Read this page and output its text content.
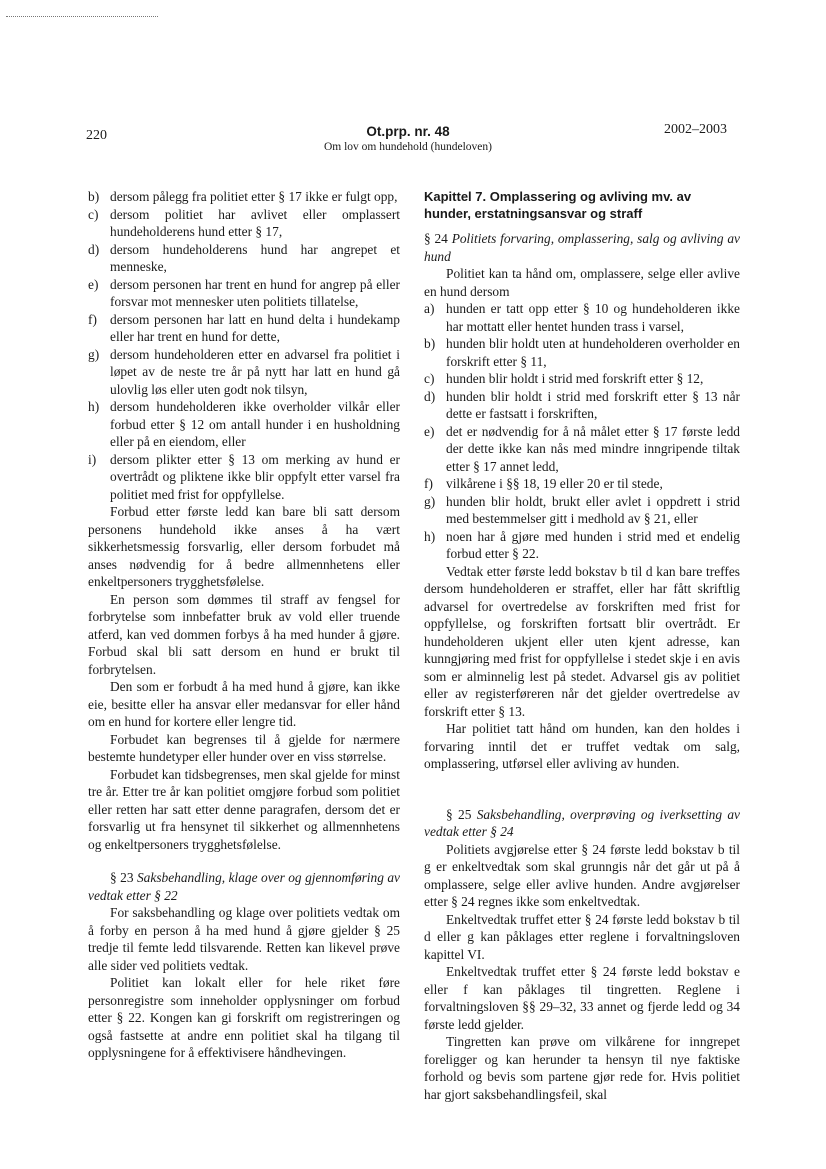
220	Ot.prp. nr. 48
Om lov om hundehold (hundeloven)
2002–2003
b) dersom pålegg fra politiet etter § 17 ikke er fulgt opp,
c) dersom politiet har avlivet eller omplassert hundeholderens hund etter § 17,
d) dersom hundeholderens hund har angrepet et menneske,
e) dersom personen har trent en hund for angrep på eller forsvar mot mennesker uten politiets tillatelse,
f) dersom personen har latt en hund delta i hundekamp eller har trent en hund for dette,
g) dersom hundeholderen etter en advarsel fra politiet i løpet av de neste tre år på nytt har latt en hund gå ulovlig løs eller uten godt nok tilsyn,
h) dersom hundeholderen ikke overholder vilkår eller forbud etter § 12 om antall hunder i en husholdning eller på en eiendom, eller
i) dersom plikter etter § 13 om merking av hund er overtrådt og pliktene ikke blir oppfylt etter varsel fra politiet med frist for oppfyllelse.

Forbud etter første ledd kan bare bli satt dersom personens hundehold ikke anses å ha vært sikkerhetsmessig forsvarlig, eller dersom forbudet må anses nødvendig for å bedre allmennhetens eller enkeltpersoners trygghetsfølelse.

En person som dømmes til straff av fengsel for forbrytelse som innbefatter bruk av vold eller truende atferd, kan ved dommen forbys å ha med hunder å gjøre. Forbud skal bli satt dersom en hund er brukt til forbrytelsen.

Den som er forbudt å ha med hund å gjøre, kan ikke eie, besitte eller ha ansvar eller medansvar for eller hånd om en hund for kortere eller lengre tid.

Forbudet kan begrenses til å gjelde for nærmere bestemte hundetyper eller hunder over en viss størrelse.

Forbudet kan tidsbegrenses, men skal gjelde for minst tre år. Etter tre år kan politiet omgjøre forbud som politiet eller retten har satt etter denne paragrafen, dersom det er forsvarlig ut fra hensynet til sikkerhet og allmennhetens og enkeltpersoners trygghetsfølelse.

§ 23 Saksbehandling, klage over og gjennomføring av vedtak etter § 22

For saksbehandling og klage over politiets vedtak om å forby en person å ha med hund å gjøre gjelder § 25 tredje til femte ledd tilsvarende. Retten kan likevel prøve alle sider ved politiets vedtak.

Politiet kan lokalt eller for hele riket føre personregistre som inneholder opplysninger om forbud etter § 22. Kongen kan gi forskrift om registreringen og også fastsette at andre enn politiet skal ha tilgang til opplysningene for å effektivisere håndhevingen.

Kapittel 7. Omplassering og avliving mv. av hunder, erstatningsansvar og straff

§ 24 Politiets forvaring, omplassering, salg og avliving av hund

Politiet kan ta hånd om, omplassere, selge eller avlive en hund dersom

a) hunden er tatt opp etter § 10 og hundeholderen ikke har mottatt eller hentet hunden trass i varsel,
b) hunden blir holdt uten at hundeholderen overholder en forskrift etter § 11,
c) hunden blir holdt i strid med forskrift etter § 12,
d) hunden blir holdt i strid med forskrift etter § 13 når dette er fastsatt i forskriften,
e) det er nødvendig for å nå målet etter § 17 første ledd der dette ikke kan nås med mindre inngripende tiltak etter § 17 annet ledd,
f) vilkårene i §§ 18, 19 eller 20 er til stede,
g) hunden blir holdt, brukt eller avlet i oppdrett i strid med bestemmelser gitt i medhold av § 21, eller
h) noen har å gjøre med hunden i strid med et endelig forbud etter § 22.

Vedtak etter første ledd bokstav b til d kan bare treffes dersom hundeholderen er straffet, eller har fått skriftlig advarsel for overtredelse av forskriften med frist for oppfyllelse, og forskriften fortsatt blir overtrådt. Er hundeholderen ukjent eller uten kjent adresse, kan kunngjøring med frist for oppfyllelse i stedet skje i en avis som er alminnelig lest på stedet. Advarsel gis av politiet eller av registerføreren når det gjelder overtredelse av forskrift etter § 13.

Har politiet tatt hånd om hunden, kan den holdes i forvaring inntil det er truffet vedtak om salg, omplassering, utførsel eller avliving av hunden.

§ 25 Saksbehandling, overprøving og iverksetting av vedtak etter § 24

Politiets avgjørelse etter § 24 første ledd bokstav b til g er enkeltvedtak som skal grunngis når det går ut på å omplassere, selge eller avlive hunden. Andre avgjørelser etter § 24 regnes ikke som enkeltvedtak.

Enkeltvedtak truffet etter § 24 første ledd bokstav b til d eller g kan påklages etter reglene i forvaltningsloven kapittel VI.

Enkeltvedtak truffet etter § 24 første ledd bokstav e eller f kan påklages til tingretten. Reglene i forvaltningsloven §§ 29–32, 33 annet og fjerde ledd og 34 første ledd gjelder.

Tingretten kan prøve om vilkårene for inngrepet foreligger og kan herunder ta hensyn til nye faktiske forhold og bevis som partene gjør rede for. Hvis politiet har gjort saksbehandlingsfeil, skal
